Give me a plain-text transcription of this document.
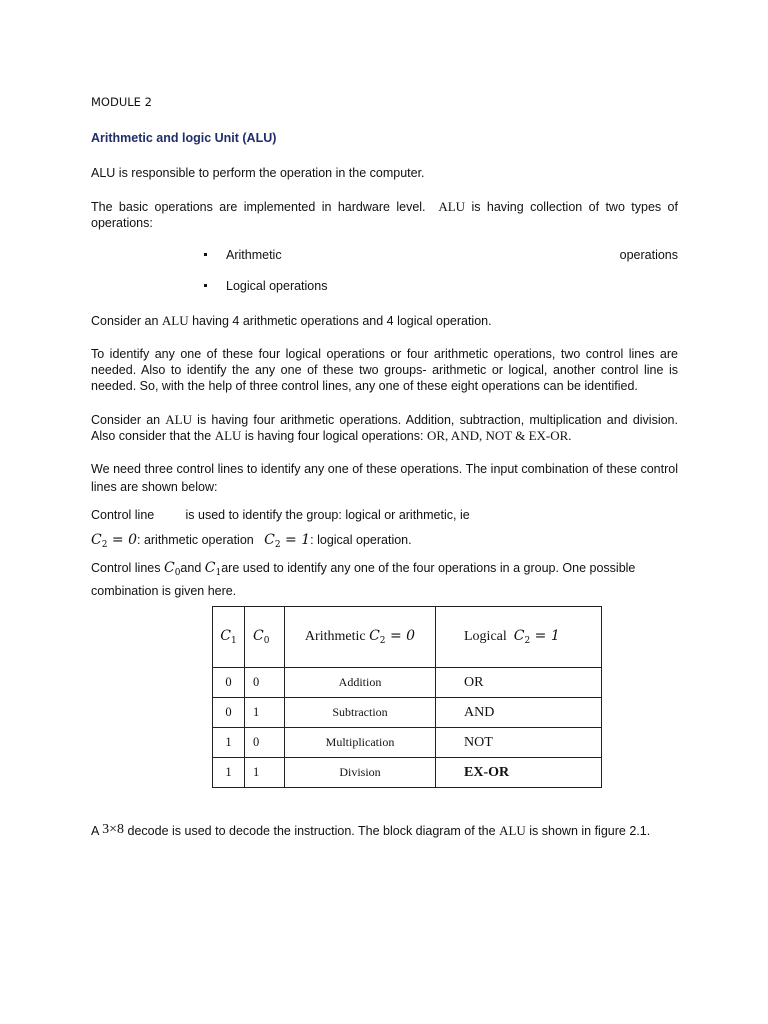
MODULE 2

Arithmetic and logic Unit (ALU)

ALU is responsible to perform the operation in the computer.

The basic operations are implemented in hardware level. ALU is having collection of two types of operations:

Arithmetic	operations
Logical operations

Consider an ALU having 4 arithmetic operations and 4 logical operation.

To identify any one of these four logical operations or four arithmetic operations, two control lines are needed. Also to identify the any one of these two groups- arithmetic or logical, another control line is needed. So, with the help of three control lines, any one of these eight operations can be identified.

Consider an ALU is having four arithmetic operations. Addition, subtraction, multiplication and division. Also consider that the ALU is having four logical operations: OR, AND, NOT & EX-OR.

We need three control lines to identify any one of these operations. The input combination of these control lines are shown below:

Control line	is used to identify the group: logical or arithmetic, ie

$C_2 = 0$: arithmetic operation $C_2 = 1$: logical operation.

Control lines $C_0and$ $C_1are$ used to identify any one of the four operations in a group. One possible combination is given here.

$C_1$	$C_0$	Arithmetic $C_2 = 0$	Logical $C_2 = 1$
0	0	Addition	OR
0	1	Subtraction	AND
1	0	Multiplication	NOT
1	1	Division	EX-OR

A 3×8 decode is used to decode the instruction. The block diagram of the ALU is shown in figure 2.1.
